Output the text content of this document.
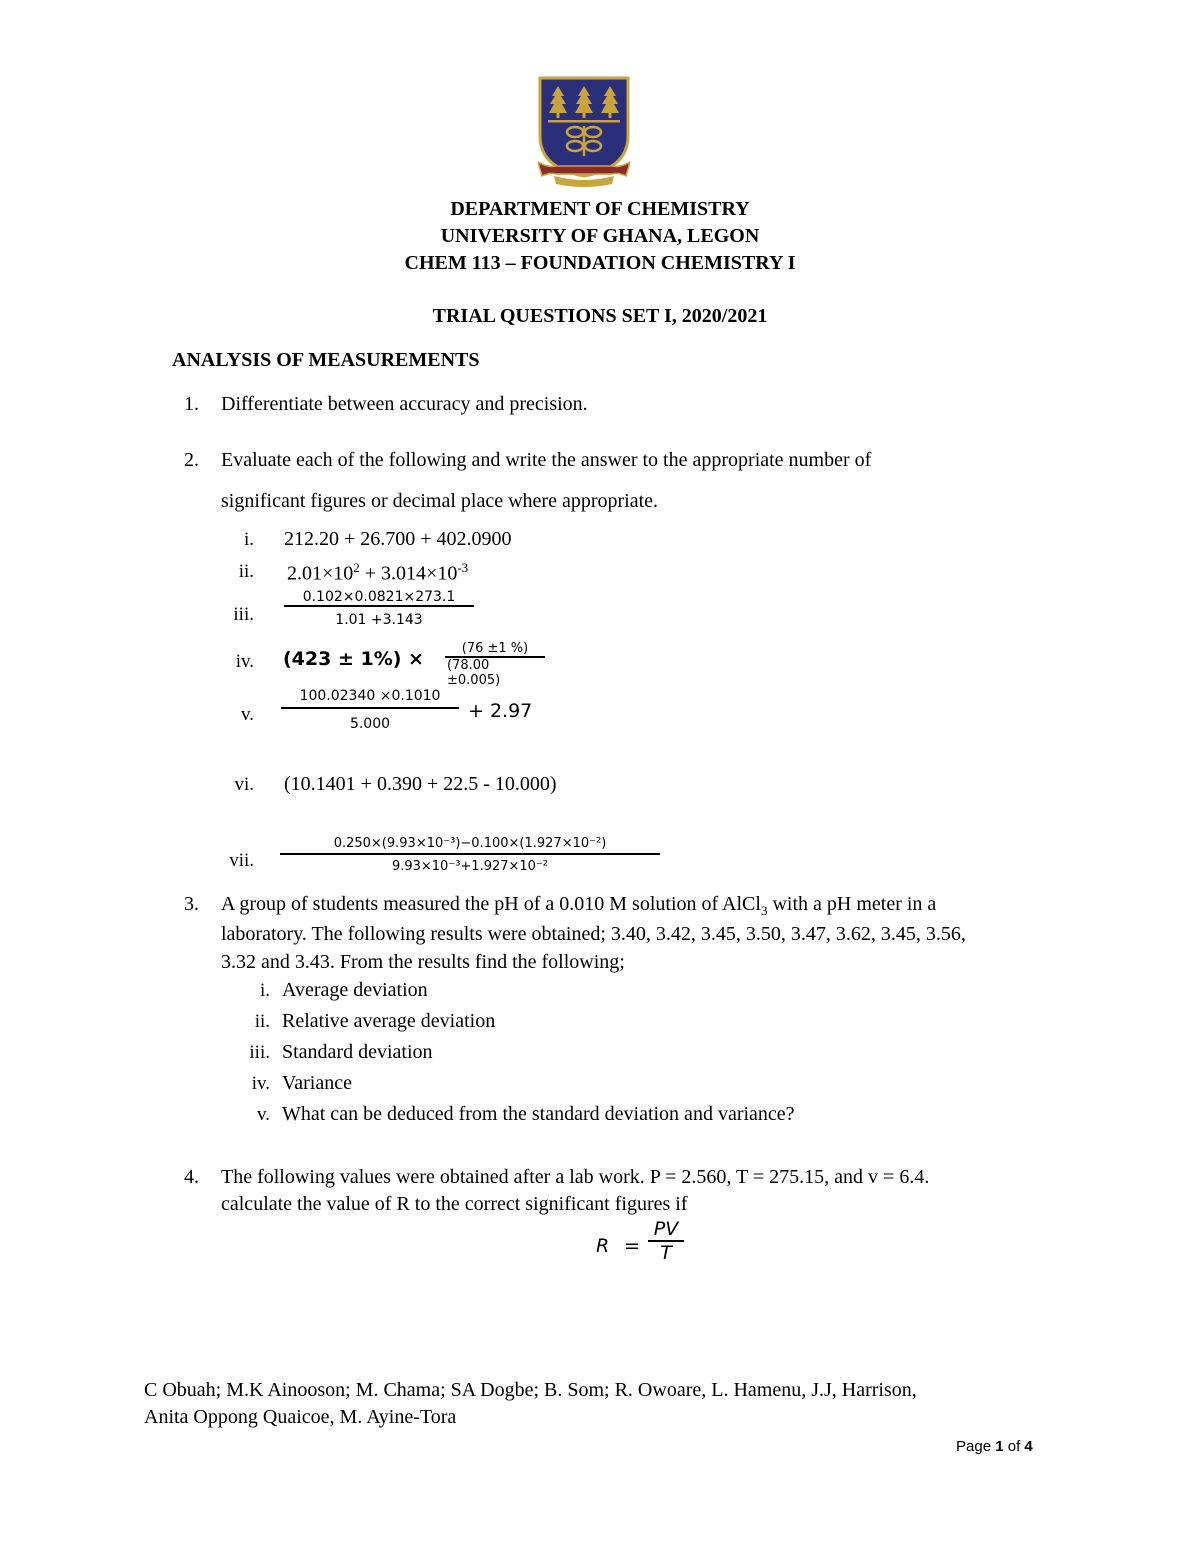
DEPARTMENT OF CHEMISTRY
UNIVERSITY OF GHANA, LEGON
CHEM 113 – FOUNDATION CHEMISTRY I
TRIAL QUESTIONS SET I, 2020/2021
ANALYSIS OF MEASUREMENTS
1. Differentiate between accuracy and precision.
2. Evaluate each of the following and write the answer to the appropriate number of
significant figures or decimal place where appropriate.
i. 212.20 + 26.700 + 402.0900
ii. $2.01\times 10^2 + 3.014\times 10^{-3}$
iii.
0.102×0.0821×273.1
1.01 +3.143
iv. (423 ± 1%) ×	(76 ±1 %)
(78.00 ±0.005)
v.
100.02340 ×0.1010
5.000
+ 2.97
vi. (10.1401 + 0.390 + 22.5 - 10.000)
vii.
0.250×(9.93×10⁻³)−0.100×(1.927×10⁻²)
9.93×10⁻³+1.927×10⁻²
3. A group of students measured the pH of a 0.010 M solution of AlCl$_3$ with a pH meter in a
laboratory. The following results were obtained; 3.40, 3.42, 3.45, 3.50, 3.47, 3.62, 3.45, 3.56,
3.32 and 3.43. From the results find the following;
i. Average deviation
ii. Relative average deviation
iii. Standard deviation
iv. Variance
v. What can be deduced from the standard deviation and variance?
4. The following values were obtained after a lab work. P = 2.560, T = 275.15, and v = 6.4.
calculate the value of R to the correct significant figures if
R =
PV
T
C Obuah; M.K Ainooson; M. Chama; SA Dogbe; B. Som; R. Owoare, L. Hamenu, J.J, Harrison,
Anita Oppong Quaicoe, M. Ayine-Tora
Page 1 of 4
